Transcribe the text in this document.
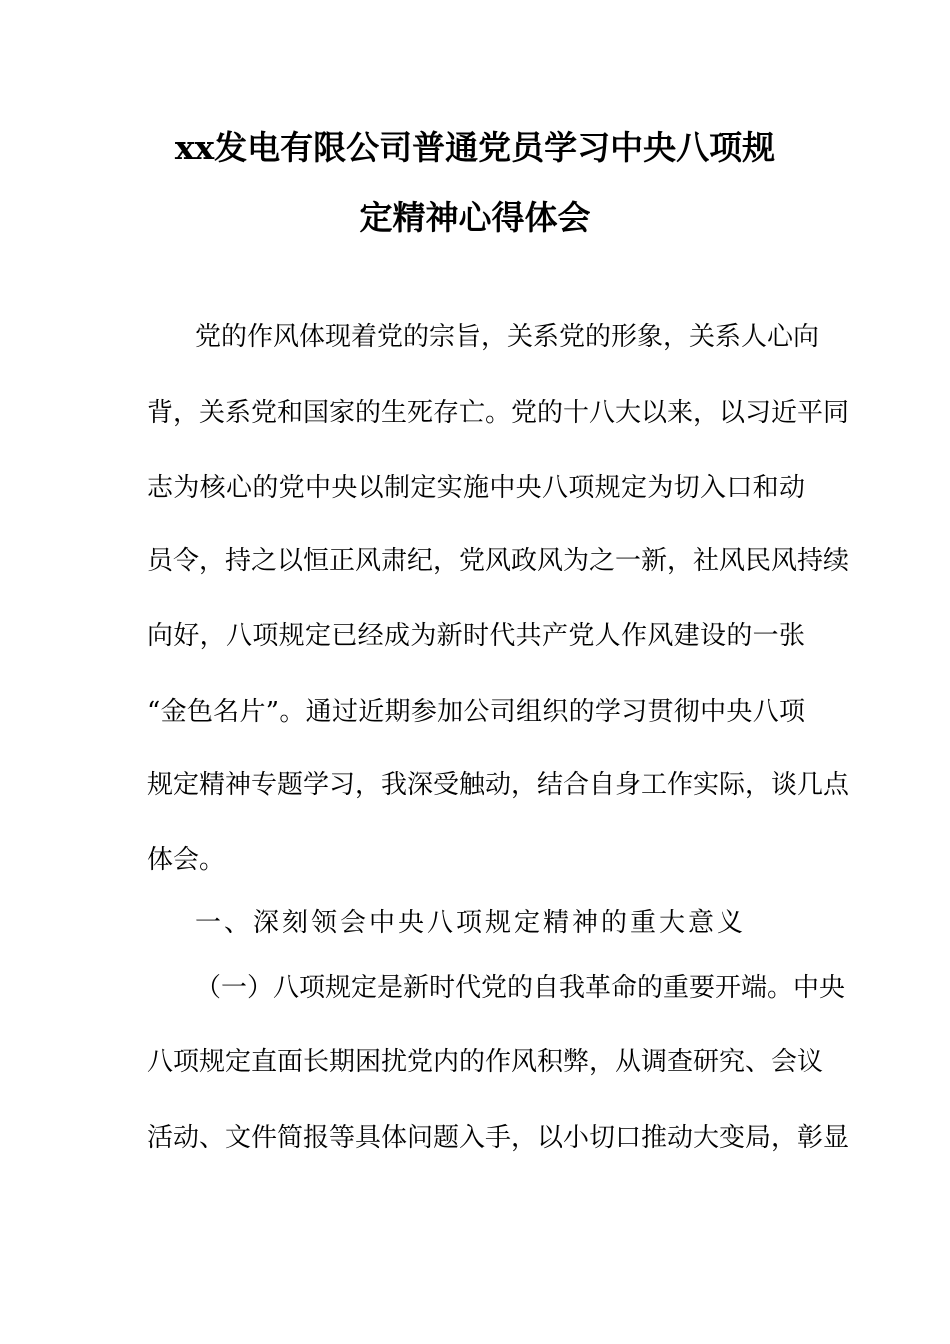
xx发电有限公司普通党员学习中央八项规
定精神心得体会
党的作风体现着党的宗旨，关系党的形象，关系人心向
背，关系党和国家的生死存亡。党的十八大以来，以习近平同
志为核心的党中央以制定实施中央八项规定为切入口和动
员令，持之以恒正风肃纪，党风政风为之一新，社风民风持续
向好，八项规定已经成为新时代共产党人作风建设的一张
“金色名片”。通过近期参加公司组织的学习贯彻中央八项
规定精神专题学习，我深受触动，结合自身工作实际，谈几点
体会。
一、深刻领会中央八项规定精神的重大意义
（一）八项规定是新时代党的自我革命的重要开端。中央
八项规定直面长期困扰党内的作风积弊，从调查研究、会议
活动、文件简报等具体问题入手，以小切口推动大变局，彰显
